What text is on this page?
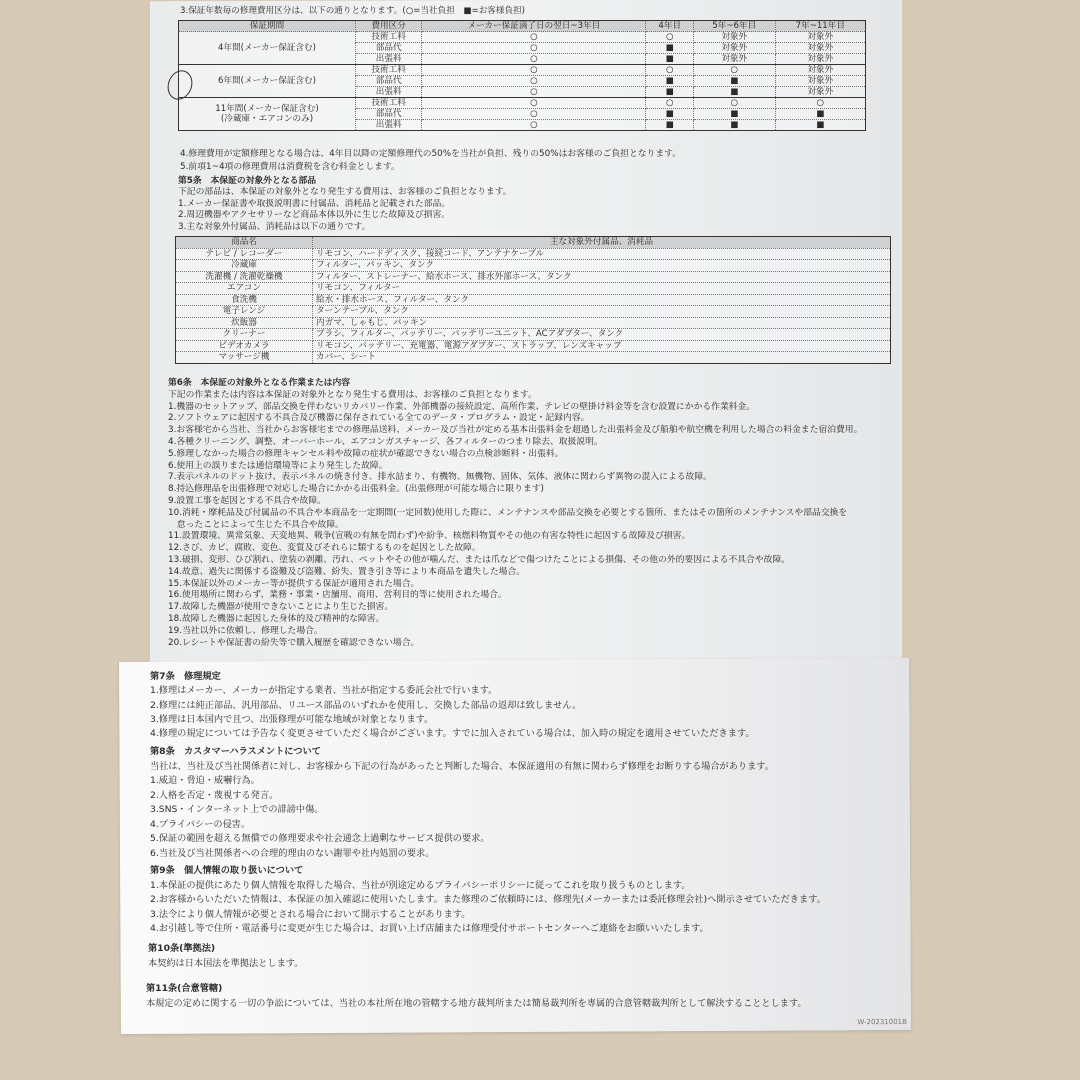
W-20231001B
3.保証年数毎の修理費用区分は、以下の通りとなります。(○=当社負担　■=お客様負担)
保証期間	費用区分	メーカー保証満了日の翌日~3年目	4年目	5年~6年目	7年~11年目
4年間(メーカー保証含む)	技術工料	○	○	対象外	対象外
	部品代	○	■	対象外	対象外
	出張料	○	■	対象外	対象外
6年間(メーカー保証含む)	技術工料	○	○	○	対象外
	部品代	○	■	■	対象外
	出張料	○	■	■	対象外
11年間(メーカー保証含む)
(冷蔵庫・エアコンのみ)	技術工料	○	○	○	○
	部品代	○	■	■	■
	出張料	○	■	■	■
4.修理費用が定額修理となる場合は、4年目以降の定額修理代の50%を当社が負担、残りの50%はお客様のご負担となります。
5.前項1~4項の修理費用は消費税を含む料金とします。
第5条　本保証の対象外となる部品
下記の部品は、本保証の対象外となり発生する費用は、お客様のご負担となります。
1.メーカー保証書や取扱説明書に付属品、消耗品と記載された部品。
2.周辺機器やアクセサリーなど商品本体以外に生じた故障及び損害。
3.主な対象外付属品、消耗品は以下の通りです。
商品名	主な対象外付属品、消耗品
テレビ / レコーダー	リモコン、ハードディスク、接続コード、アンテナケーブル
冷蔵庫	フィルター、パッキン、タンク
洗濯機 / 洗濯乾燥機	フィルター、ストレーナー、給水ホース、排水外部ホース、タンク
エアコン	リモコン、フィルター
食洗機	給水・排水ホース、フィルター、タンク
電子レンジ	ターンテーブル、タンク
炊飯器	内ガマ、しゃもじ、パッキン
クリーナー	ブラシ、フィルター、バッテリー、バッテリーユニット、ACアダプター、タンク
ビデオカメラ	リモコン、バッテリー、充電器、電源アダプター、ストラップ、レンズキャップ
マッサージ機	カバー、シート
第6条　本保証の対象外となる作業または内容
下記の作業または内容は本保証の対象外となり発生する費用は、お客様のご負担となります。
1.機器のセットアップ、部品交換を伴わないリカバリー作業、外部機器の接続設定、高所作業、テレビの壁掛け料金等を含む設置にかかる作業料金。
2.ソフトウェアに起因する不具合及び機器に保存されている全てのデータ・プログラム・設定・記録内容。
3.お客様宅から当社、当社からお客様宅までの修理品送料、メーカー及び当社が定める基本出張料金を超過した出張料金及び船舶や航空機を利用した場合の料金また宿泊費用。
4.各種クリーニング、調整、オーバーホール、エアコンガスチャージ、各フィルターのつまり除去、取扱説明。
5.修理しなかった場合の修理キャンセル料や故障の症状が確認できない場合の点検診断料・出張料。
6.使用上の誤りまたは通信環境等により発生した故障。
7.表示パネルのドット抜け、表示パネルの焼き付き、排水詰まり、有機物、無機物、固体、気体、液体に関わらず異物の混入による故障。
8.持込修理品を出張修理で対応した場合にかかる出張料金。(出張修理が可能な場合に限ります)
9.設置工事を起因とする不具合や故障。
10.消耗・摩耗品及び付属品の不具合や本商品を一定期間(一定回数)使用した際に、メンテナンスや部品交換を必要とする箇所、またはその箇所のメンテナンスや部品交換を
　怠ったことによって生じた不具合や故障。
11.設置環境、異常気象、天変地異、戦争(宣戦の有無を問わず)や紛争、核燃料物質やその他の有害な特性に起因する故障及び損害。
12.さび、カビ、腐敗、変色、変質及びそれらに類するものを起因とした故障。
13.破損、変形、ひび割れ、塗装の剥離、汚れ、ペットやその他が噛んだ、または爪などで傷つけたことによる損傷、その他の外的要因による不具合や故障。
14.故意、過失に関係する盗難及び盗難、紛失、置き引き等により本商品を遺失した場合。
15.本保証以外のメーカー等が提供する保証が適用された場合。
16.使用場所に関わらず、業務・事業・店舗用、商用、営利目的等に使用された場合。
17.故障した機器が使用できないことにより生じた損害。
18.故障した機器に起因した身体的及び精神的な障害。
19.当社以外に依頼し、修理した場合。
20.レシートや保証書の紛失等で購入履歴を確認できない場合。
第7条　修理規定
1.修理はメーカー、メーカーが指定する業者、当社が指定する委託会社で行います。
2.修理には純正部品、汎用部品、リユース部品のいずれかを使用し、交換した部品の返却は致しません。
3.修理は日本国内で且つ、出張修理が可能な地域が対象となります。
4.修理の規定については予告なく変更させていただく場合がございます。すでに加入されている場合は、加入時の規定を適用させていただきます。
第8条　カスタマーハラスメントについて
当社は、当社及び当社関係者に対し、お客様から下記の行為があったと判断した場合、本保証適用の有無に関わらず修理をお断りする場合があります。
1.威迫・脅迫・威嚇行為。
2.人格を否定・蔑視する発言。
3.SNS・インターネット上での誹謗中傷。
4.プライバシーの侵害。
5.保証の範囲を超える無償での修理要求や社会通念上過剰なサービス提供の要求。
6.当社及び当社関係者への合理的理由のない謝罪や社内処罰の要求。
第9条　個人情報の取り扱いについて
1.本保証の提供にあたり個人情報を取得した場合、当社が別途定めるプライバシーポリシーに従ってこれを取り扱うものとします。
2.お客様からいただいた情報は、本保証の加入確認に使用いたします。また修理のご依頼時には、修理先(メーカーまたは委託修理会社)へ開示させていただきます。
3.法令により個人情報が必要とされる場合において開示することがあります。
4.お引越し等で住所・電話番号に変更が生じた場合は、お買い上げ店舗または修理受付サポートセンターへご連絡をお願いいたします。
第10条(準拠法)
本契約は日本国法を準拠法とします。
第11条(合意管轄)
本規定の定めに関する一切の争訟については、当社の本社所在地の管轄する地方裁判所または簡易裁判所を専属的合意管轄裁判所として解決することとします。
